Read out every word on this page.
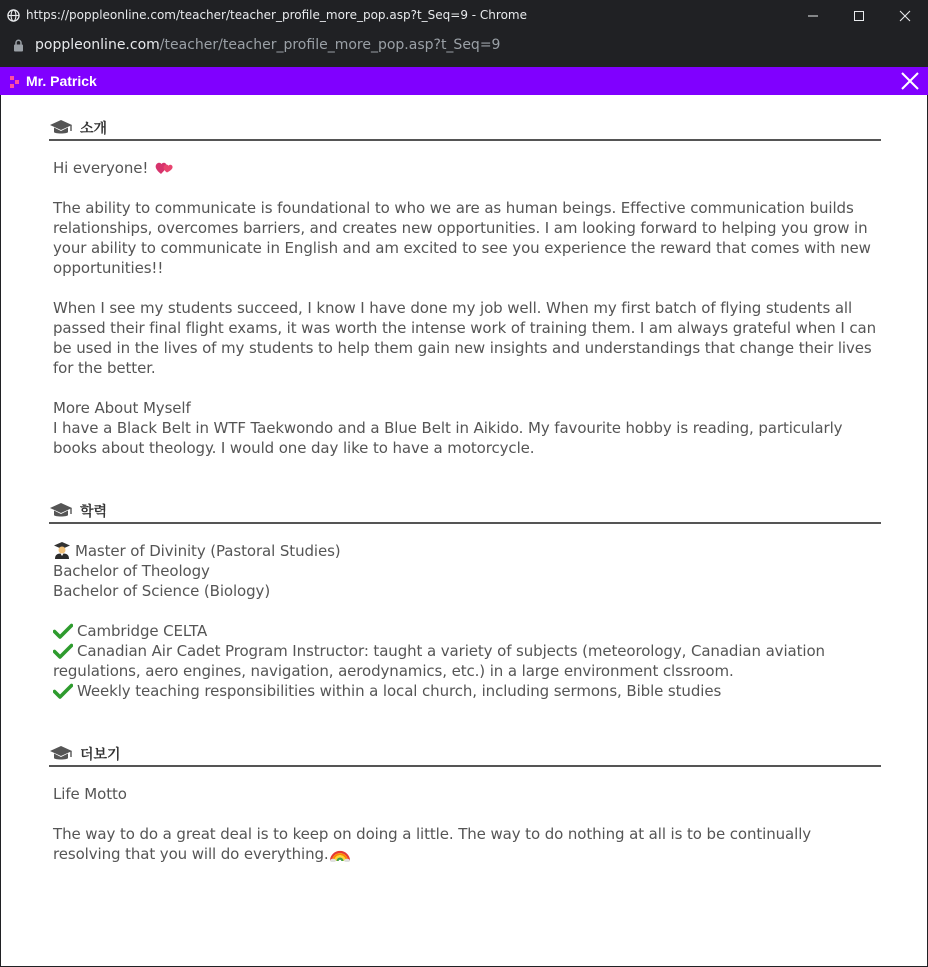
https://poppleonline.com/teacher/teacher_profile_more_pop.asp?t_Seq=9 - Chrome
poppleonline.com/teacher/teacher_profile_more_pop.asp?t_Seq=9
Mr. Patrick
소개
Hi everyone!
The ability to communicate is foundational to who we are as human beings. Effective communication builds
relationships, overcomes barriers, and creates new opportunities. I am looking forward to helping you grow in
your ability to communicate in English and am excited to see you experience the reward that comes with new
opportunities!!
When I see my students succeed, I know I have done my job well. When my first batch of flying students all
passed their final flight exams, it was worth the intense work of training them. I am always grateful when I can
be used in the lives of my students to help them gain new insights and understandings that change their lives
for the better.
More About Myself
I have a Black Belt in WTF Taekwondo and a Blue Belt in Aikido. My favourite hobby is reading, particularly
books about theology. I would one day like to have a motorcycle.
학력
Master of Divinity (Pastoral Studies)
Bachelor of Theology
Bachelor of Science (Biology)
Cambridge CELTA
Canadian Air Cadet Program Instructor: taught a variety of subjects (meteorology, Canadian aviation
regulations, aero engines, navigation, aerodynamics, etc.) in a large environment clssroom.
Weekly teaching responsibilities within a local church, including sermons, Bible studies
더보기
Life Motto
The way to do a great deal is to keep on doing a little. The way to do nothing at all is to be continually
resolving that you will do everything.
